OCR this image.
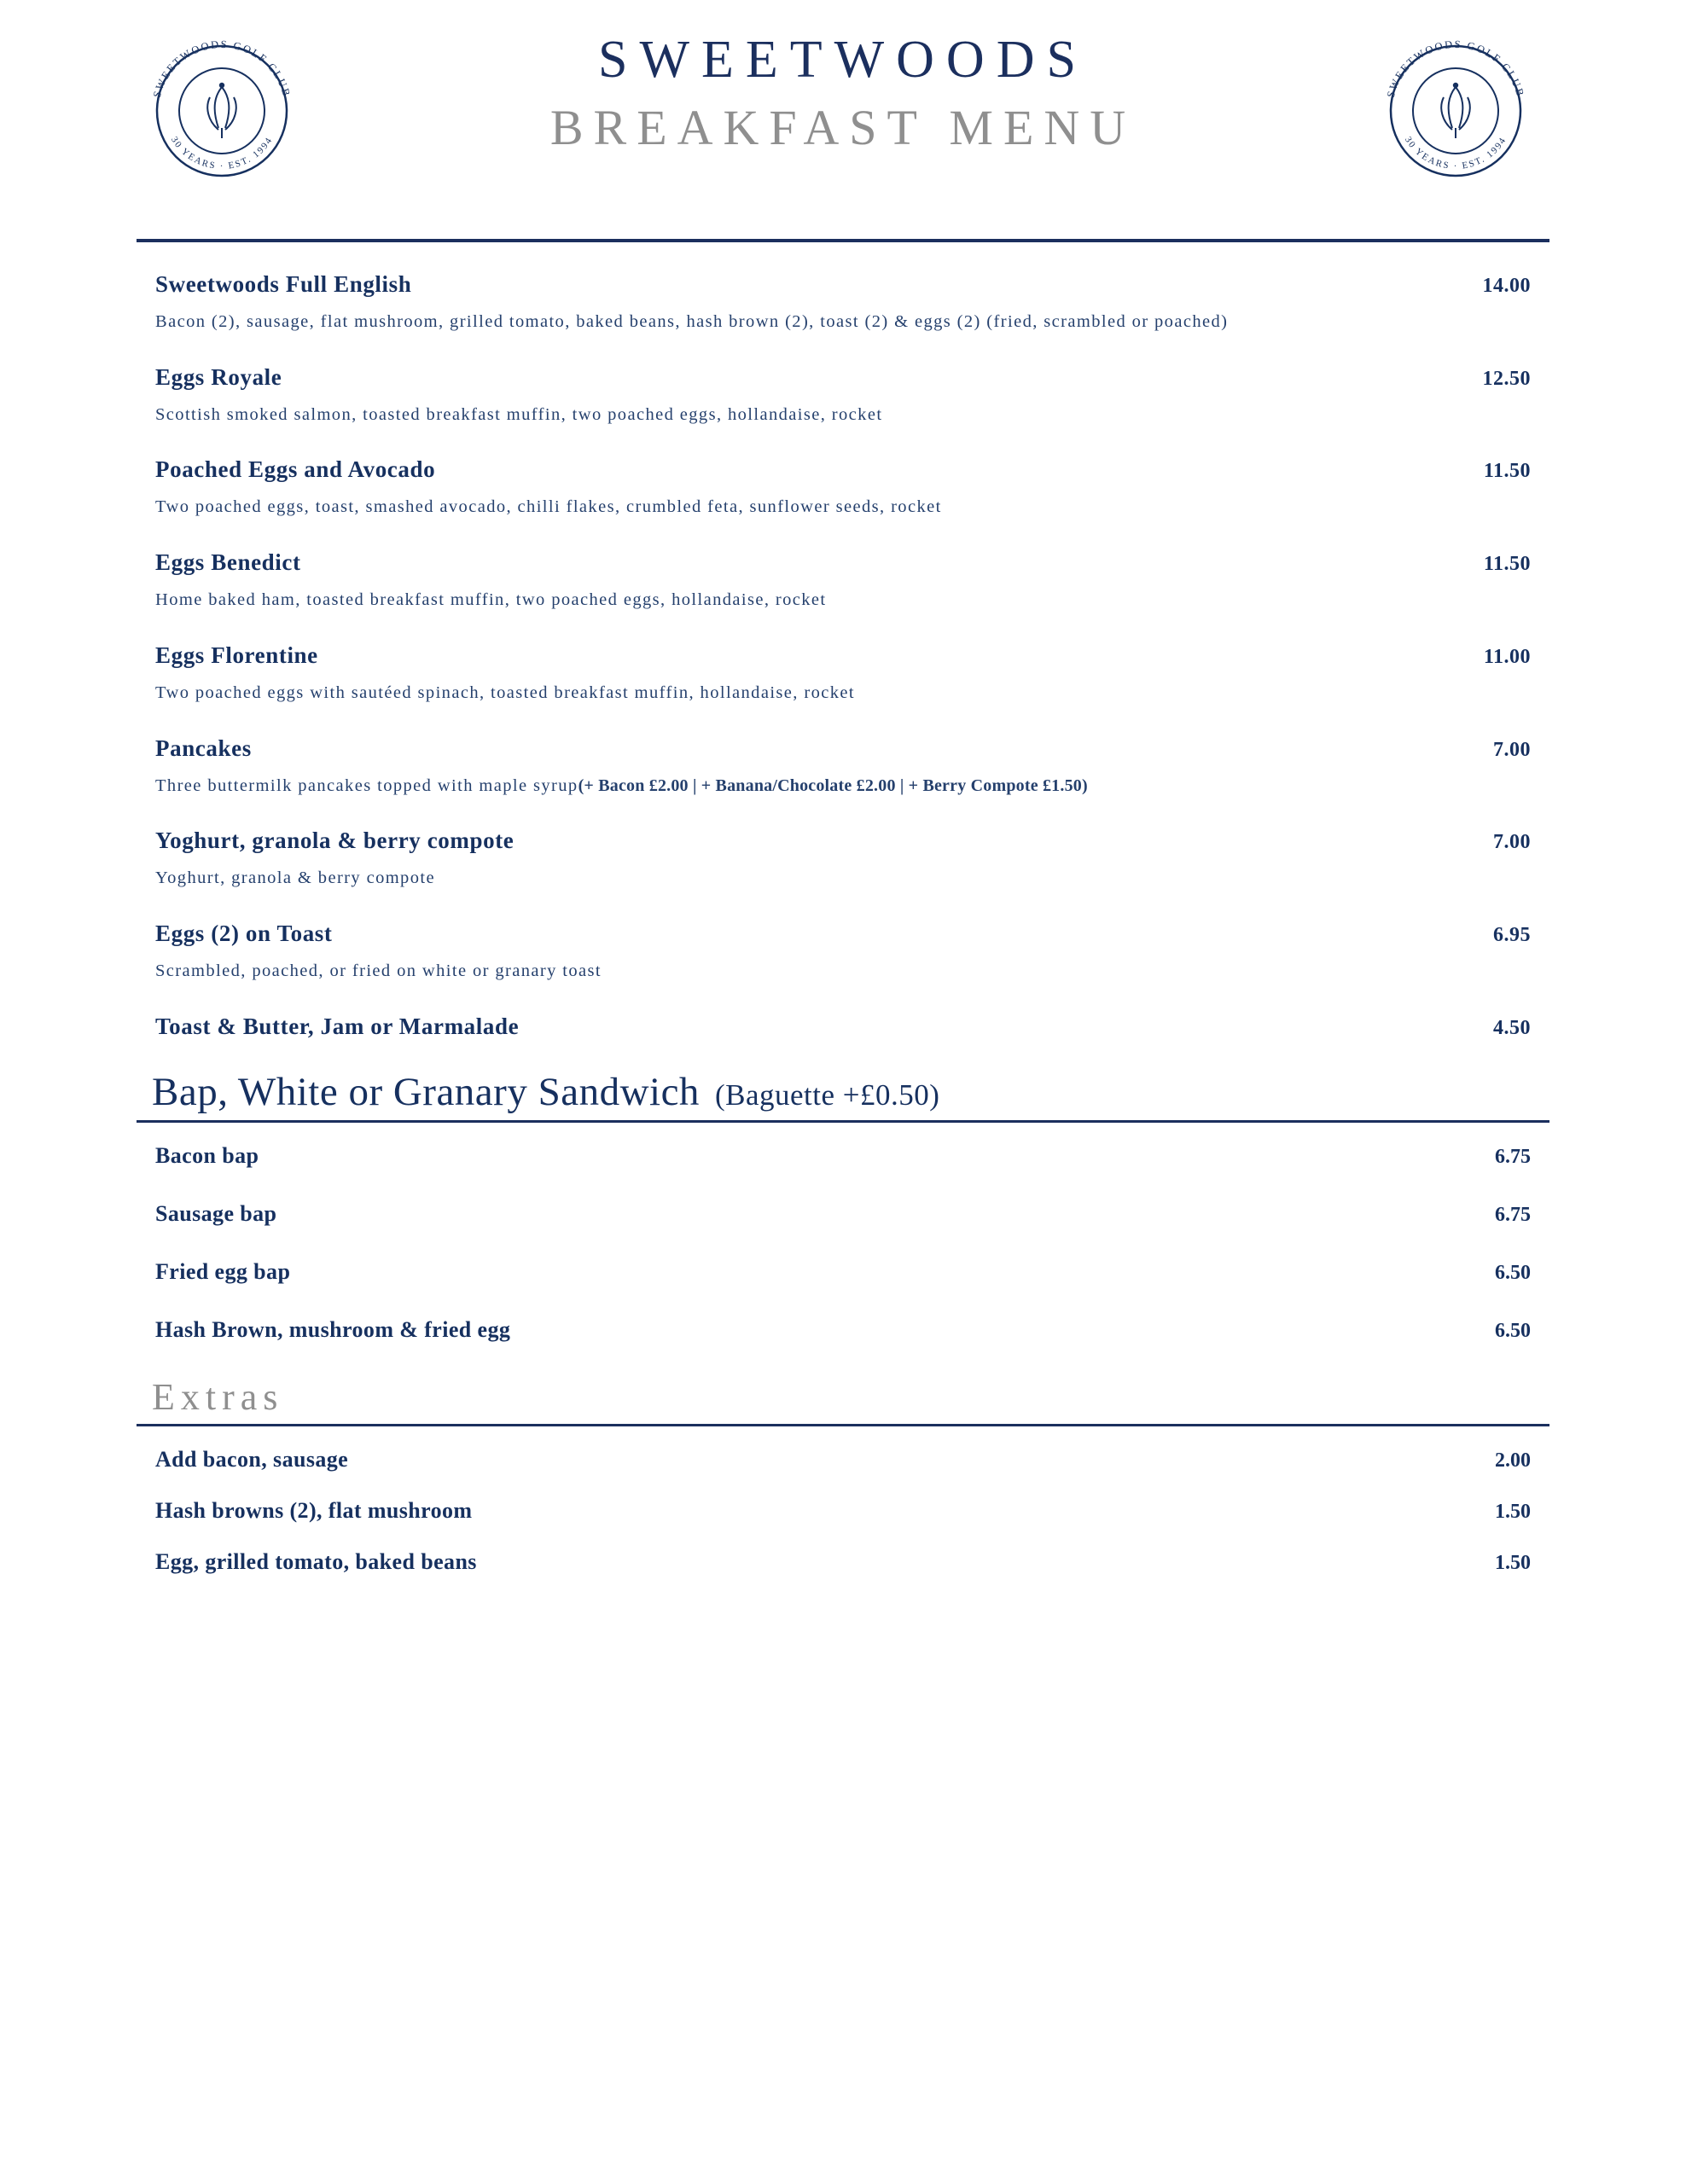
SWEETWOODS GOLF CLUB
30 YEARS · EST. 1994
SWEETWOODS
BREAKFAST MENU
SWEETWOODS GOLF CLUB
30 YEARS · EST. 1994
Sweetwoods Full English	14.00
Bacon (2), sausage, flat mushroom, grilled tomato, baked beans, hash brown (2), toast (2) & eggs (2) (fried, scrambled or poached)
Eggs Royale	12.50
Scottish smoked salmon, toasted breakfast muffin, two poached eggs, hollandaise, rocket
Poached Eggs and Avocado	11.50
Two poached eggs, toast, smashed avocado, chilli flakes, crumbled feta, sunflower seeds, rocket
Eggs Benedict	11.50
Home baked ham, toasted breakfast muffin, two poached eggs, hollandaise, rocket
Eggs Florentine	11.00
Two poached eggs with sautéed spinach, toasted breakfast muffin, hollandaise, rocket
Pancakes	7.00
Three buttermilk pancakes topped with maple syrup(+ Bacon £2.00 | + Banana/Chocolate £2.00 | + Berry Compote £1.50)
Yoghurt, granola & berry compote	7.00
Yoghurt, granola & berry compote
Eggs (2) on Toast	6.95
Scrambled, poached, or fried on white or granary toast
Toast & Butter, Jam or Marmalade	4.50
Bap, White or Granary Sandwich (Baguette +£0.50)
Bacon bap	6.75
Sausage bap	6.75
Fried egg bap	6.50
Hash Brown, mushroom & fried egg	6.50
Extras
Add bacon, sausage	2.00
Hash browns (2), flat mushroom	1.50
Egg, grilled tomato, baked beans	1.50
